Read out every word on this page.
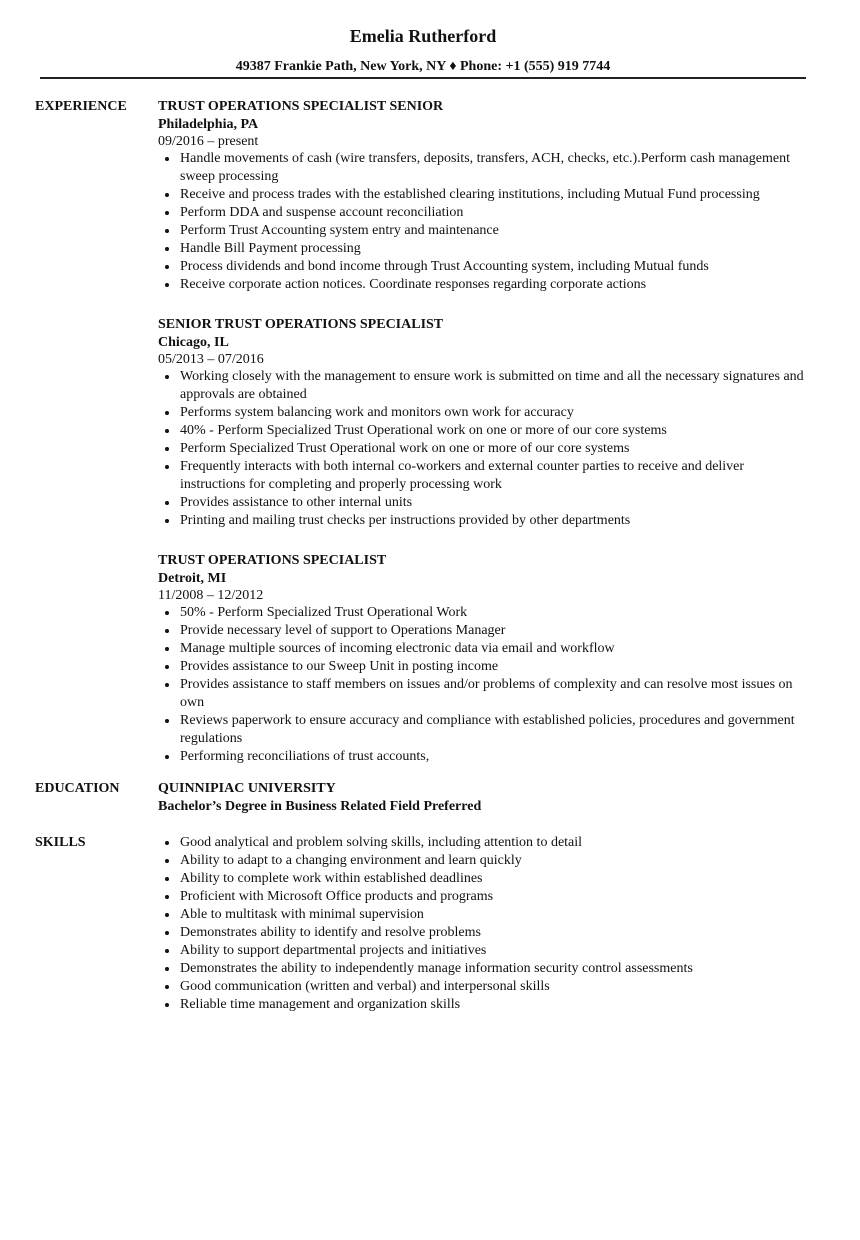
Emelia Rutherford
49387 Frankie Path, New York, NY ♦ Phone: +1 (555) 919 7744
EXPERIENCE	TRUST OPERATIONS SPECIALIST SENIOR
Philadelphia, PA
09/2016 – present
Handle movements of cash (wire transfers, deposits, transfers, ACH, checks, etc.).Perform cash management sweep processing
Receive and process trades with the established clearing institutions, including Mutual Fund processing
Perform DDA and suspense account reconciliation
Perform Trust Accounting system entry and maintenance
Handle Bill Payment processing
Process dividends and bond income through Trust Accounting system, including Mutual funds
Receive corporate action notices. Coordinate responses regarding corporate actions
SENIOR TRUST OPERATIONS SPECIALIST
Chicago, IL
05/2013 – 07/2016
Working closely with the management to ensure work is submitted on time and all the necessary signatures and approvals are obtained
Performs system balancing work and monitors own work for accuracy
40% - Perform Specialized Trust Operational work on one or more of our core systems
Perform Specialized Trust Operational work on one or more of our core systems
Frequently interacts with both internal co-workers and external counter parties to receive and deliver instructions for completing and properly processing work
Provides assistance to other internal units
Printing and mailing trust checks per instructions provided by other departments
TRUST OPERATIONS SPECIALIST
Detroit, MI
11/2008 – 12/2012
50% - Perform Specialized Trust Operational Work
Provide necessary level of support to Operations Manager
Manage multiple sources of incoming electronic data via email and workflow
Provides assistance to our Sweep Unit in posting income
Provides assistance to staff members on issues and/or problems of complexity and can resolve most issues on own
Reviews paperwork to ensure accuracy and compliance with established policies, procedures and government regulations
Performing reconciliations of trust accounts,
EDUCATION	QUINNIPIAC UNIVERSITY
Bachelor’s Degree in Business Related Field Preferred
SKILLS	Good analytical and problem solving skills, including attention to detail
Ability to adapt to a changing environment and learn quickly
Ability to complete work within established deadlines
Proficient with Microsoft Office products and programs
Able to multitask with minimal supervision
Demonstrates ability to identify and resolve problems
Ability to support departmental projects and initiatives
Demonstrates the ability to independently manage information security control assessments
Good communication (written and verbal) and interpersonal skills
Reliable time management and organization skills
